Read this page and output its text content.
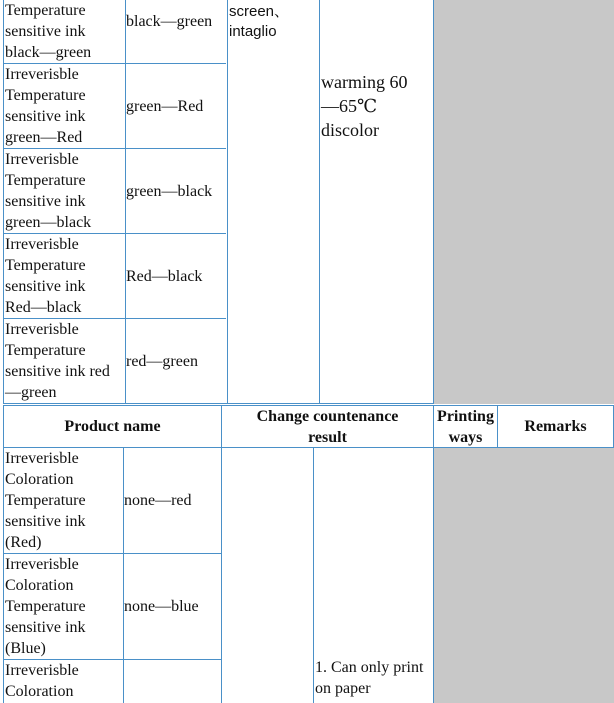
Temperature
sensitive ink
black—green
black—green
Irreverisble
Temperature
sensitive ink
green—Red
green—Red
Irreverisble
Temperature
sensitive ink
green—black
green—black
Irreverisble
Temperature
sensitive ink
Red—black
Red—black
Irreverisble
Temperature
sensitive ink red
—green
red—green
screen、
intaglio
warming 60
—65℃
discolor
Product name
Change countenance
result
Printing
ways
Remarks
Irreverisble
Coloration
Temperature
sensitive ink
(Red)
none—red
Irreverisble
Coloration
Temperature
sensitive ink
(Blue)
none—blue
Irreverisble
Coloration
1. Can only print
on paper
